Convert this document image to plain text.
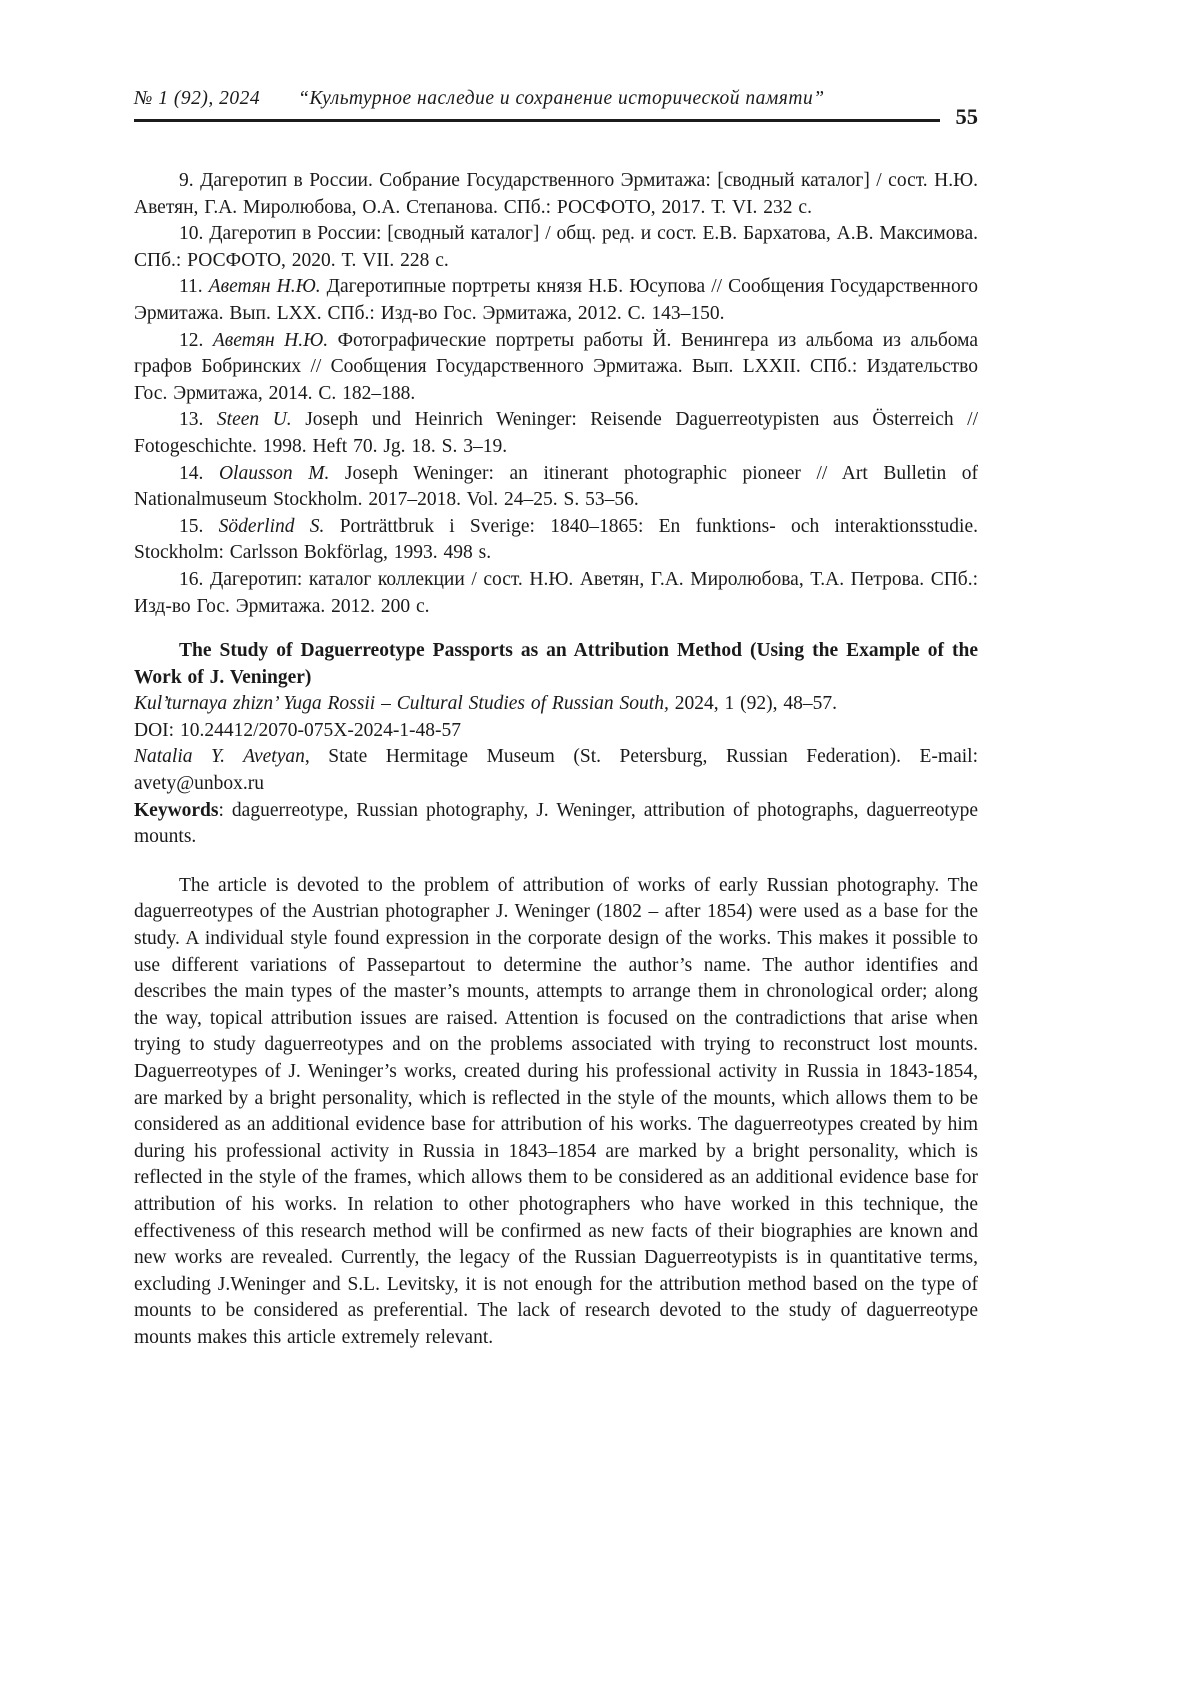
№ 1 (92), 2024 “Культурное наследие и сохранение исторической памяти”
55

9. Дагеротип в России. Собрание Государственного Эрмитажа: [сводный каталог] / сост. Н.Ю. Аветян, Г.А. Миролюбова, О.А. Степанова. СПб.: РОСФОТО, 2017. Т. VI. 232 с.

10. Дагеротип в России: [сводный каталог] / общ. ред. и сост. Е.В. Бархатова, А.В. Максимова. СПб.: РОСФОТО, 2020. Т. VII. 228 с.

11. Аветян Н.Ю. Дагеротипные портреты князя Н.Б. Юсупова // Сообщения Государственного Эрмитажа. Вып. LXX. СПб.: Изд-во Гос. Эрмитажа, 2012. С. 143–150.

12. Аветян Н.Ю. Фотографические портреты работы Й. Венингера из альбома из альбома графов Бобринских // Сообщения Государственного Эрмитажа. Вып. LXXII. СПб.: Издательство Гос. Эрмитажа, 2014. С. 182–188.

13. Steen U. Joseph und Heinrich Weninger: Reisende Daguerreotypisten aus Österreich // Fotogeschichte. 1998. Heft 70. Jg. 18. S. 3–19.

14. Olausson M. Joseph Weninger: an itinerant photographic pioneer // Art Bulletin of Nationalmuseum Stockholm. 2017–2018. Vol. 24–25. S. 53–56.

15. Söderlind S. Porträttbruk i Sverige: 1840–1865: En funktions- och interaktionsstudie. Stockholm: Carlsson Bokförlag, 1993. 498 s.

16. Дагеротип: каталог коллекции / сост. Н.Ю. Аветян, Г.А. Миролюбова, Т.А. Петрова. СПб.: Изд-во Гос. Эрмитажа. 2012. 200 с.

The Study of Daguerreotype Passports as an Attribution Method (Using the Example of the Work of J. Veninger)

Kul’turnaya zhizn’ Yuga Rossii – Cultural Studies of Russian South, 2024, 1 (92), 48–57.

DOI: 10.24412/2070-075X-2024-1-48-57

Natalia Y. Avetyan, State Hermitage Museum (St. Petersburg, Russian Federation). E-mail: avety@unbox.ru

Keywords: daguerreotype, Russian photography, J. Weninger, attribution of photographs, daguerreotype mounts.

The article is devoted to the problem of attribution of works of early Russian photography. The daguerreotypes of the Austrian photographer J. Weninger (1802 – after 1854) were used as a base for the study. A individual style found expression in the corporate design of the works. This makes it possible to use different variations of Passepartout to determine the author’s name. The author identifies and describes the main types of the master’s mounts, attempts to arrange them in chronological order; along the way, topical attribution issues are raised. Attention is focused on the contradictions that arise when trying to study daguerreotypes and on the problems associated with trying to reconstruct lost mounts. Daguerreotypes of J. Weninger’s works, created during his professional activity in Russia in 1843-1854, are marked by a bright personality, which is reflected in the style of the mounts, which allows them to be considered as an additional evidence base for attribution of his works. The daguerreotypes created by him during his professional activity in Russia in 1843–1854 are marked by a bright personality, which is reflected in the style of the frames, which allows them to be considered as an additional evidence base for attribution of his works. In relation to other photographers who have worked in this technique, the effectiveness of this research method will be confirmed as new facts of their biographies are known and new works are revealed. Currently, the legacy of the Russian Daguerreotypists is in quantitative terms, excluding J.Weninger and S.L. Levitsky, it is not enough for the attribution method based on the type of mounts to be considered as preferential. The lack of research devoted to the study of daguerreotype mounts makes this article extremely relevant.
